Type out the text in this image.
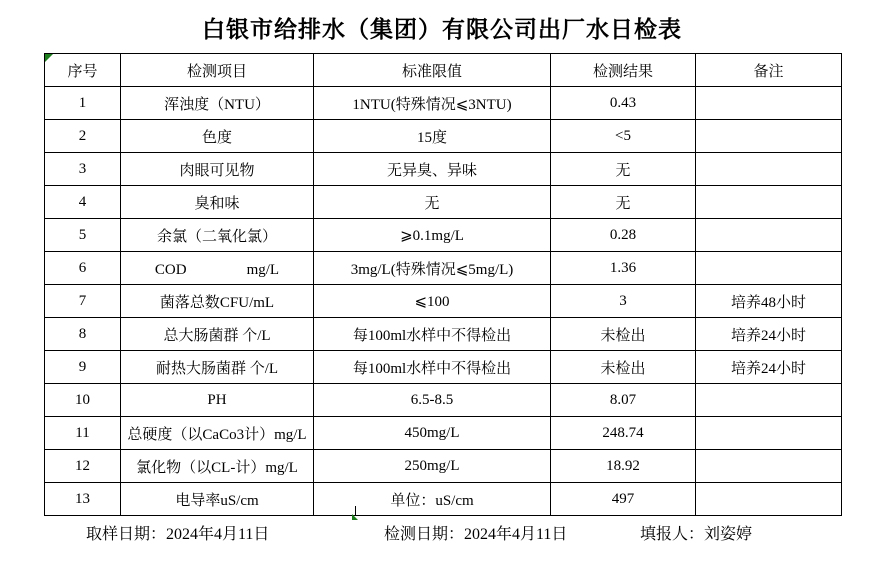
白银市给排水（集团）有限公司出厂水日检表
序号	检测项目	标准限值	检测结果	备注
1	浑浊度（NTU）	1NTU(特殊情况⩽3NTU)	0.43	
2	色度	15度	<5	
3	肉眼可见物	无异臭、异味	无	
4	臭和味	无	无	
5	余氯（二氧化氯）	⩾0.1mg/L	0.28	
6	COD　　　　mg/L	3mg/L(特殊情况⩽5mg/L)	1.36	
7	菌落总数CFU/mL	⩽100	3	培养48小时
8	总大肠菌群 个/L	每100ml水样中不得检出	未检出	培养24小时
9	耐热大肠菌群 个/L	每100ml水样中不得检出	未检出	培养24小时
10	PH	6.5-8.5	8.07	
11	总硬度（以CaCo3计）mg/L	450mg/L	248.74	
12	氯化物（以CL-计）mg/L	250mg/L	18.92	
13	电导率uS/cm	单位：uS/cm	497	
取样日期：2024年4月11日	检测日期：2024年4月11日	填报人：刘姿婷
